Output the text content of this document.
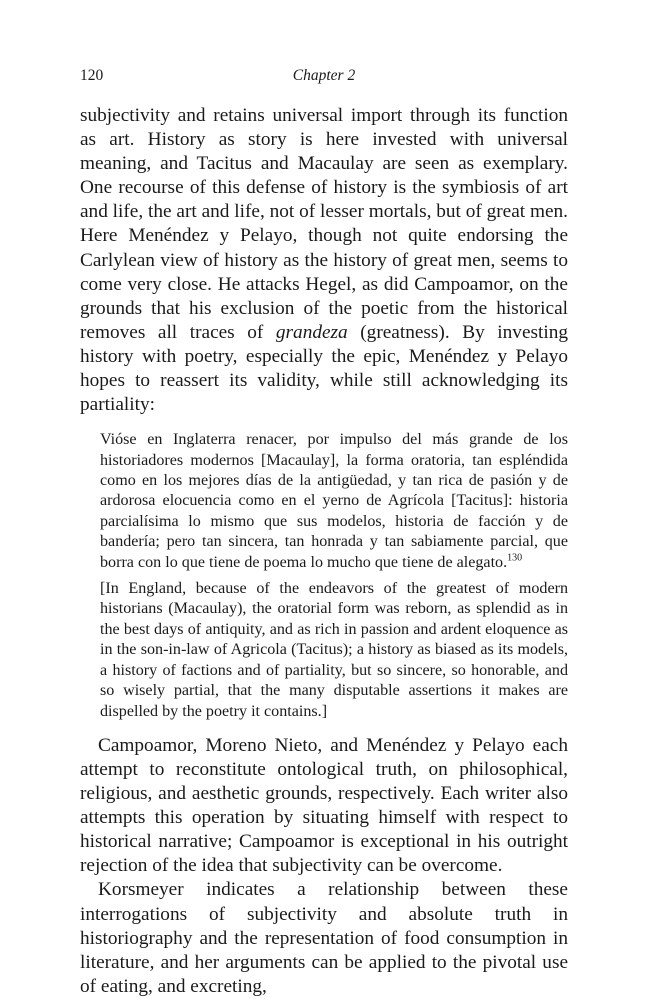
120	Chapter 2

subjectivity and retains universal import through its function as art. History as story is here invested with universal meaning, and Tacitus and Macaulay are seen as exemplary. One recourse of this defense of history is the symbiosis of art and life, the art and life, not of lesser mortals, but of great men. Here Menéndez y Pelayo, though not quite endorsing the Carlylean view of history as the history of great men, seems to come very close. He attacks Hegel, as did Campoamor, on the grounds that his exclusion of the poetic from the historical removes all traces of grandeza (greatness). By investing history with poetry, especially the epic, Menéndez y Pelayo hopes to reassert its validity, while still acknowledging its partiality:

Vióse en Inglaterra renacer, por impulso del más grande de los historiadores modernos [Macaulay], la forma oratoria, tan espléndida como en los mejores días de la antigüedad, y tan rica de pasión y de ardorosa elocuencia como en el yerno de Agrícola [Tacitus]: historia parcialísima lo mismo que sus modelos, historia de facción y de bandería; pero tan sincera, tan honrada y tan sabiamente parcial, que borra con lo que tiene de poema lo mucho que tiene de alegato.$^{130}$

[In England, because of the endeavors of the greatest of modern historians (Macaulay), the oratorial form was reborn, as splendid as in the best days of antiquity, and as rich in passion and ardent eloquence as in the son-in-law of Agricola (Tacitus); a history as biased as its models, a history of factions and of partiality, but so sincere, so honorable, and so wisely partial, that the many disputable assertions it makes are dispelled by the poetry it contains.]

Campoamor, Moreno Nieto, and Menéndez y Pelayo each attempt to reconstitute ontological truth, on philosophical, religious, and aesthetic grounds, respectively. Each writer also attempts this operation by situating himself with respect to historical narrative; Campoamor is exceptional in his outright rejection of the idea that subjectivity can be overcome.

Korsmeyer indicates a relationship between these interrogations of subjectivity and absolute truth in historiography and the representation of food consumption in literature, and her arguments can be applied to the pivotal use of eating, and excreting,
